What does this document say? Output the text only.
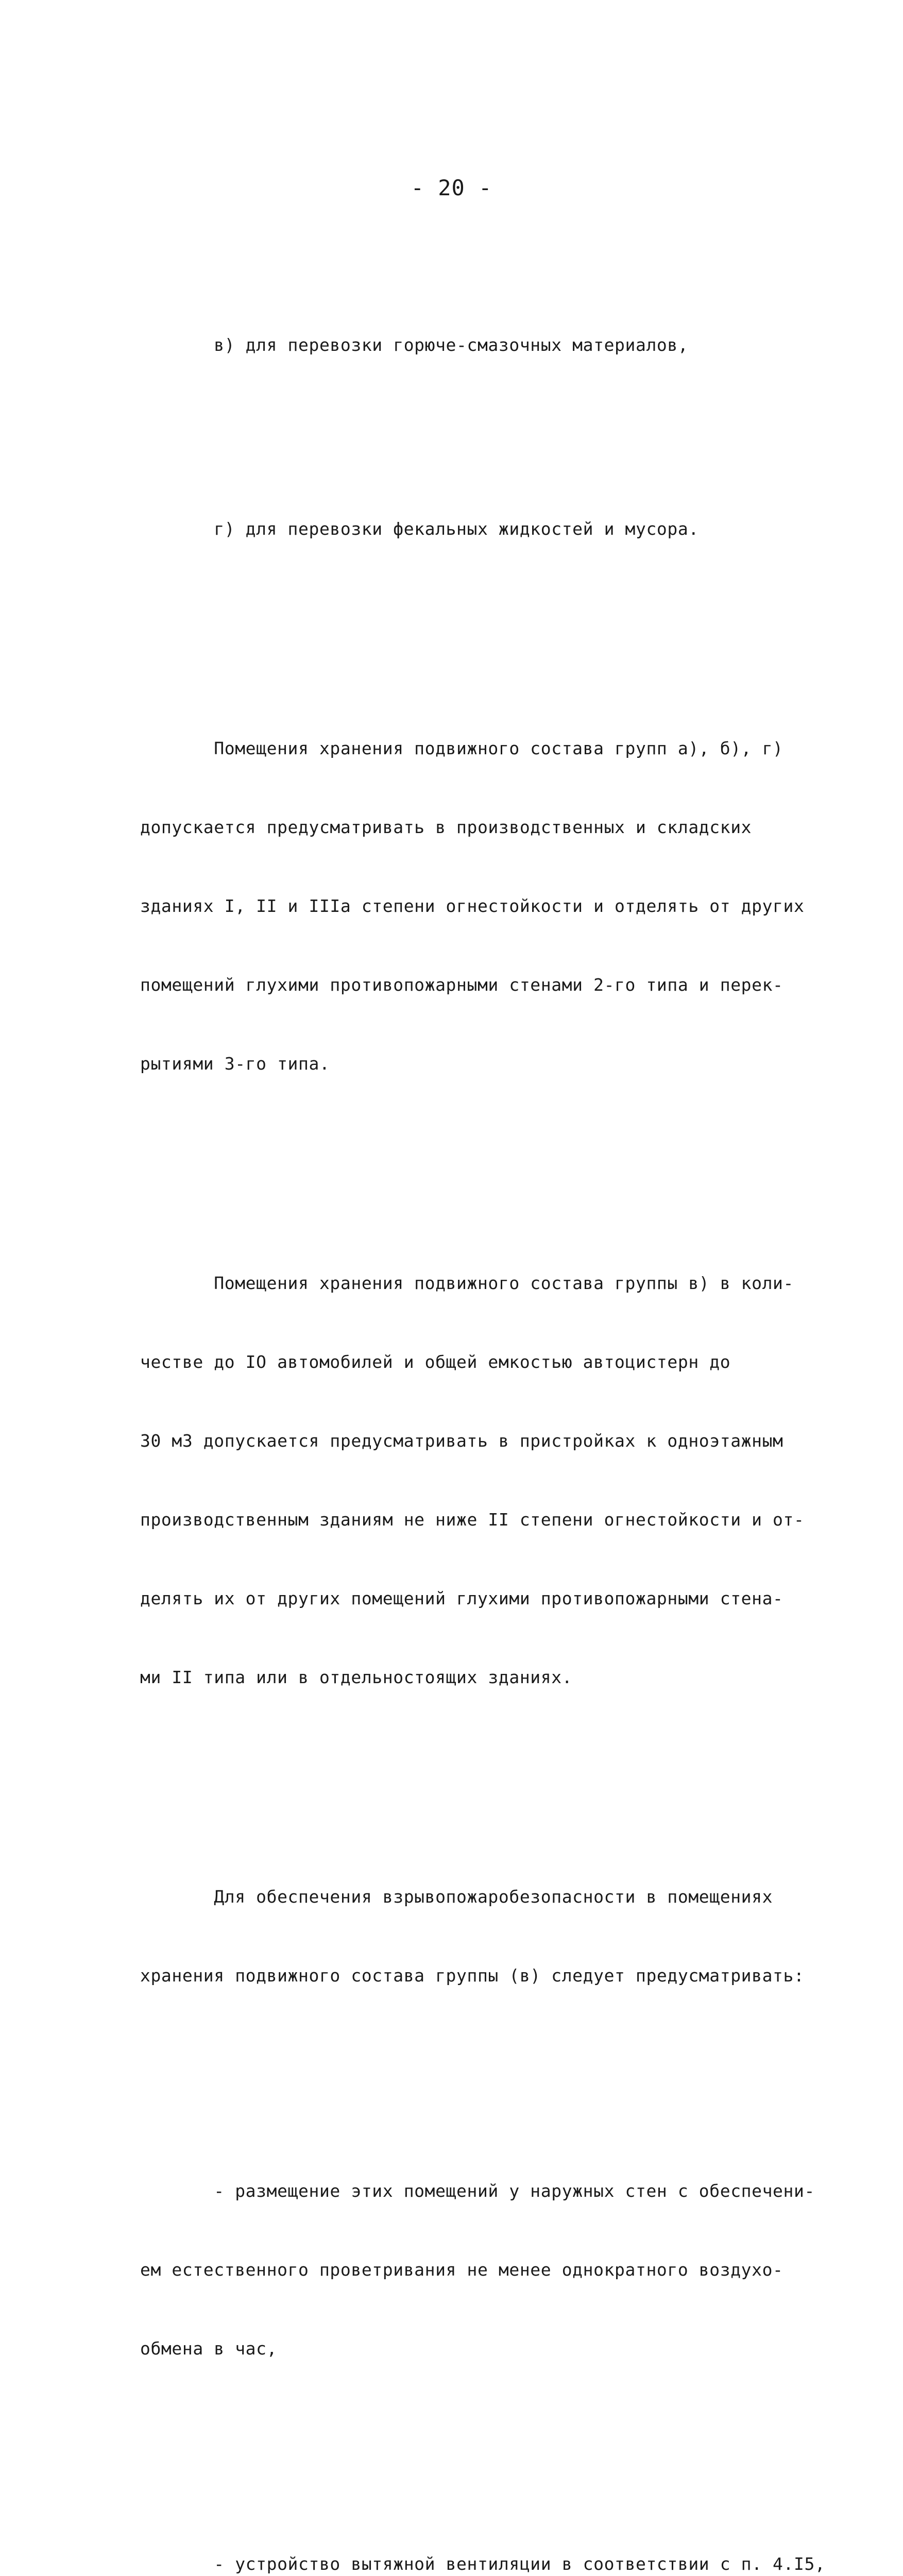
- 20 -

в) для перевозки горюче-смазочных материалов,

г) для перевозки фекальных жидкостей и мусора.

Помещения хранения подвижного состава групп а), б), г)

допускается предусматривать в производственных и складских

зданиях I, II и IIIа степени огнестойкости и отделять от других

помещений глухими противопожарными стенами 2-го типа и перек-

рытиями 3-го типа.

Помещения хранения подвижного состава группы в) в коли-

честве до IO автомобилей и общей емкостью автоцистерн до

30 м3 допускается предусматривать в пристройках к одноэтажным

производственным зданиям не ниже II степени огнестойкости и от-

делять их от других помещений глухими противопожарными стена-

ми II типа или в отдельностоящих зданиях.

Для обеспечения взрывопожаробезопасности в помещениях

хранения подвижного состава группы (в) следует предусматривать:

- размещение этих помещений у наружных стен с обеспечени-

ем естественного проветривания не менее однократного воздухо-

обмена в час,

- устройство вытяжной вентиляции в соответствии с п. 4.I5,
